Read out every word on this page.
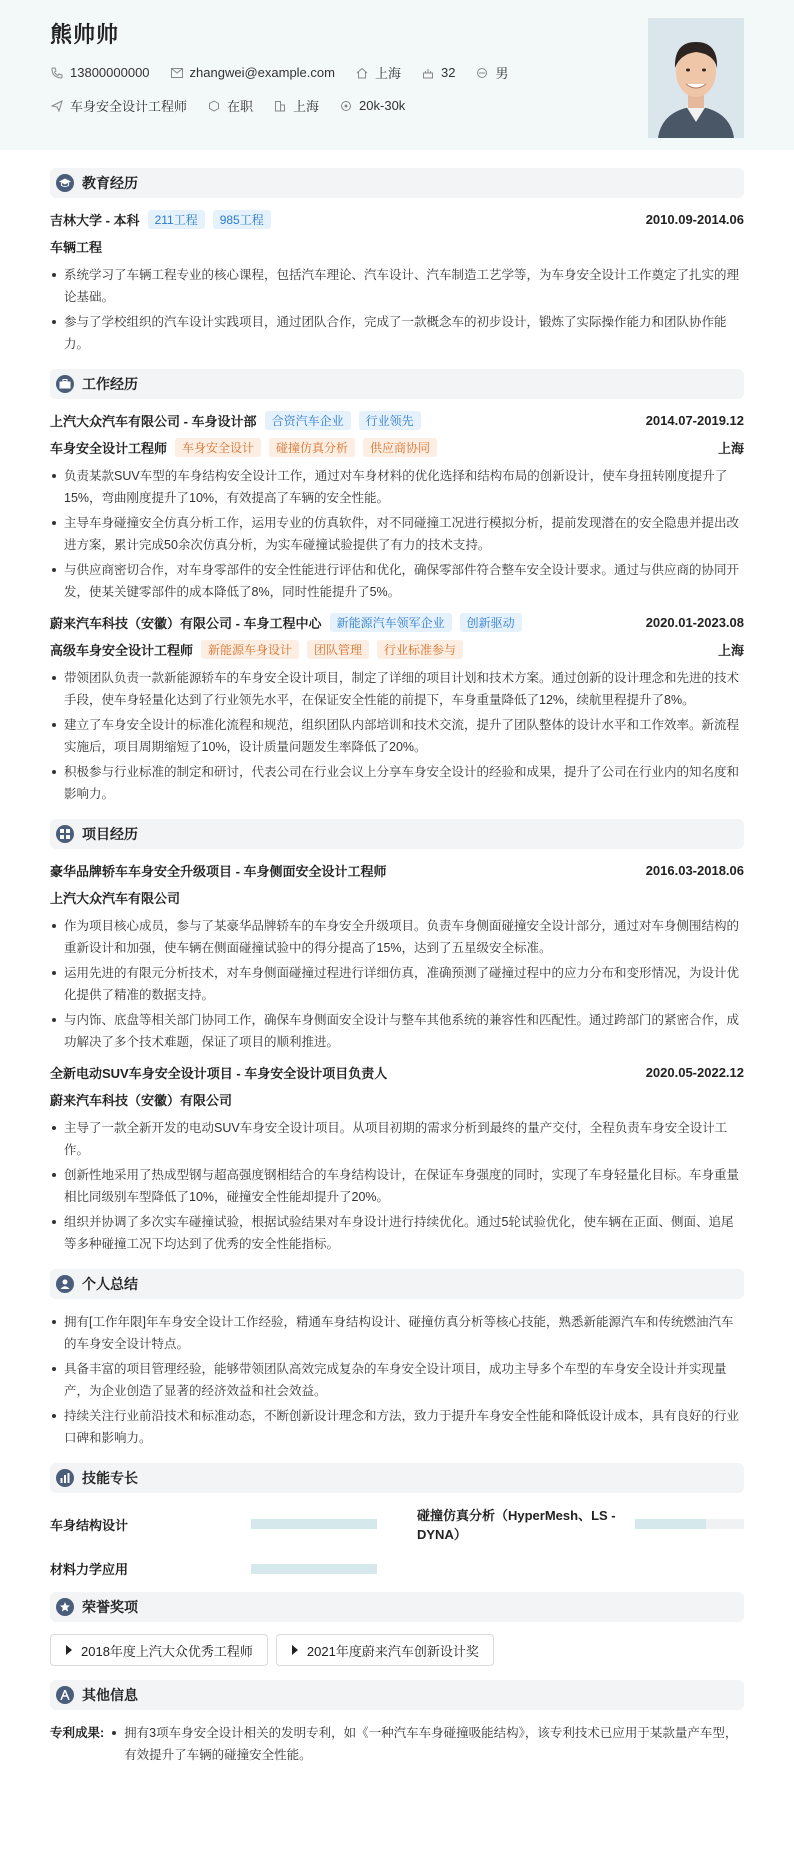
熊帅帅
13800000000	zhangwei@example.com	上海	32	男
车身安全设计工程师	在职	上海	20k-30k
教育经历
吉林大学 - 本科	211工程	985工程	2010.09-2014.06
车辆工程
系统学习了车辆工程专业的核心课程，包括汽车理论、汽车设计、汽车制造工艺学等，为车身安全设计工作奠定了扎实的理论基础。
参与了学校组织的汽车设计实践项目，通过团队合作，完成了一款概念车的初步设计，锻炼了实际操作能力和团队协作能力。
工作经历
上汽大众汽车有限公司 - 车身设计部	合资汽车企业	行业领先	2014.07-2019.12
车身安全设计工程师	车身安全设计	碰撞仿真分析	供应商协同	上海
负责某款SUV车型的车身结构安全设计工作，通过对车身材料的优化选择和结构布局的创新设计，使车身扭转刚度提升了15%，弯曲刚度提升了10%，有效提高了车辆的安全性能。
主导车身碰撞安全仿真分析工作，运用专业的仿真软件，对不同碰撞工况进行模拟分析，提前发现潜在的安全隐患并提出改进方案，累计完成50余次仿真分析，为实车碰撞试验提供了有力的技术支持。
与供应商密切合作，对车身零部件的安全性能进行评估和优化，确保零部件符合整车安全设计要求。通过与供应商的协同开发，使某关键零部件的成本降低了8%，同时性能提升了5%。
蔚来汽车科技（安徽）有限公司 - 车身工程中心	新能源汽车领军企业	创新驱动	2020.01-2023.08
高级车身安全设计工程师	新能源车身设计	团队管理	行业标准参与	上海
带领团队负责一款新能源轿车的车身安全设计项目，制定了详细的项目计划和技术方案。通过创新的设计理念和先进的技术手段，使车身轻量化达到了行业领先水平，在保证安全性能的前提下，车身重量降低了12%，续航里程提升了8%。
建立了车身安全设计的标准化流程和规范，组织团队内部培训和技术交流，提升了团队整体的设计水平和工作效率。新流程实施后，项目周期缩短了10%，设计质量问题发生率降低了20%。
积极参与行业标准的制定和研讨，代表公司在行业会议上分享车身安全设计的经验和成果，提升了公司在行业内的知名度和影响力。
项目经历
豪华品牌轿车车身安全升级项目 - 车身侧面安全设计工程师	2016.03-2018.06
上汽大众汽车有限公司
作为项目核心成员，参与了某豪华品牌轿车的车身安全升级项目。负责车身侧面碰撞安全设计部分，通过对车身侧围结构的重新设计和加强，使车辆在侧面碰撞试验中的得分提高了15%，达到了五星级安全标准。
运用先进的有限元分析技术，对车身侧面碰撞过程进行详细仿真，准确预测了碰撞过程中的应力分布和变形情况，为设计优化提供了精准的数据支持。
与内饰、底盘等相关部门协同工作，确保车身侧面安全设计与整车其他系统的兼容性和匹配性。通过跨部门的紧密合作，成功解决了多个技术难题，保证了项目的顺利推进。
全新电动SUV车身安全设计项目 - 车身安全设计项目负责人	2020.05-2022.12
蔚来汽车科技（安徽）有限公司
主导了一款全新开发的电动SUV车身安全设计项目。从项目初期的需求分析到最终的量产交付，全程负责车身安全设计工作。
创新性地采用了热成型钢与超高强度钢相结合的车身结构设计，在保证车身强度的同时，实现了车身轻量化目标。车身重量相比同级别车型降低了10%，碰撞安全性能却提升了20%。
组织并协调了多次实车碰撞试验，根据试验结果对车身设计进行持续优化。通过5轮试验优化，使车辆在正面、侧面、追尾等多种碰撞工况下均达到了优秀的安全性能指标。
个人总结
拥有[工作年限]年车身安全设计工作经验，精通车身结构设计、碰撞仿真分析等核心技能，熟悉新能源汽车和传统燃油汽车的车身安全设计特点。
具备丰富的项目管理经验，能够带领团队高效完成复杂的车身安全设计项目，成功主导多个车型的车身安全设计并实现量产，为企业创造了显著的经济效益和社会效益。
持续关注行业前沿技术和标准动态，不断创新设计理念和方法，致力于提升车身安全性能和降低设计成本，具有良好的行业口碑和影响力。
技能专长
车身结构设计
碰撞仿真分析（HyperMesh、LS - DYNA）
材料力学应用
荣誉奖项
2018年度上汽大众优秀工程师	2021年度蔚来汽车创新设计奖
其他信息
专利成果: 拥有3项车身安全设计相关的发明专利，如《一种汽车车身碰撞吸能结构》，该专利技术已应用于某款量产车型，有效提升了车辆的碰撞安全性能。
